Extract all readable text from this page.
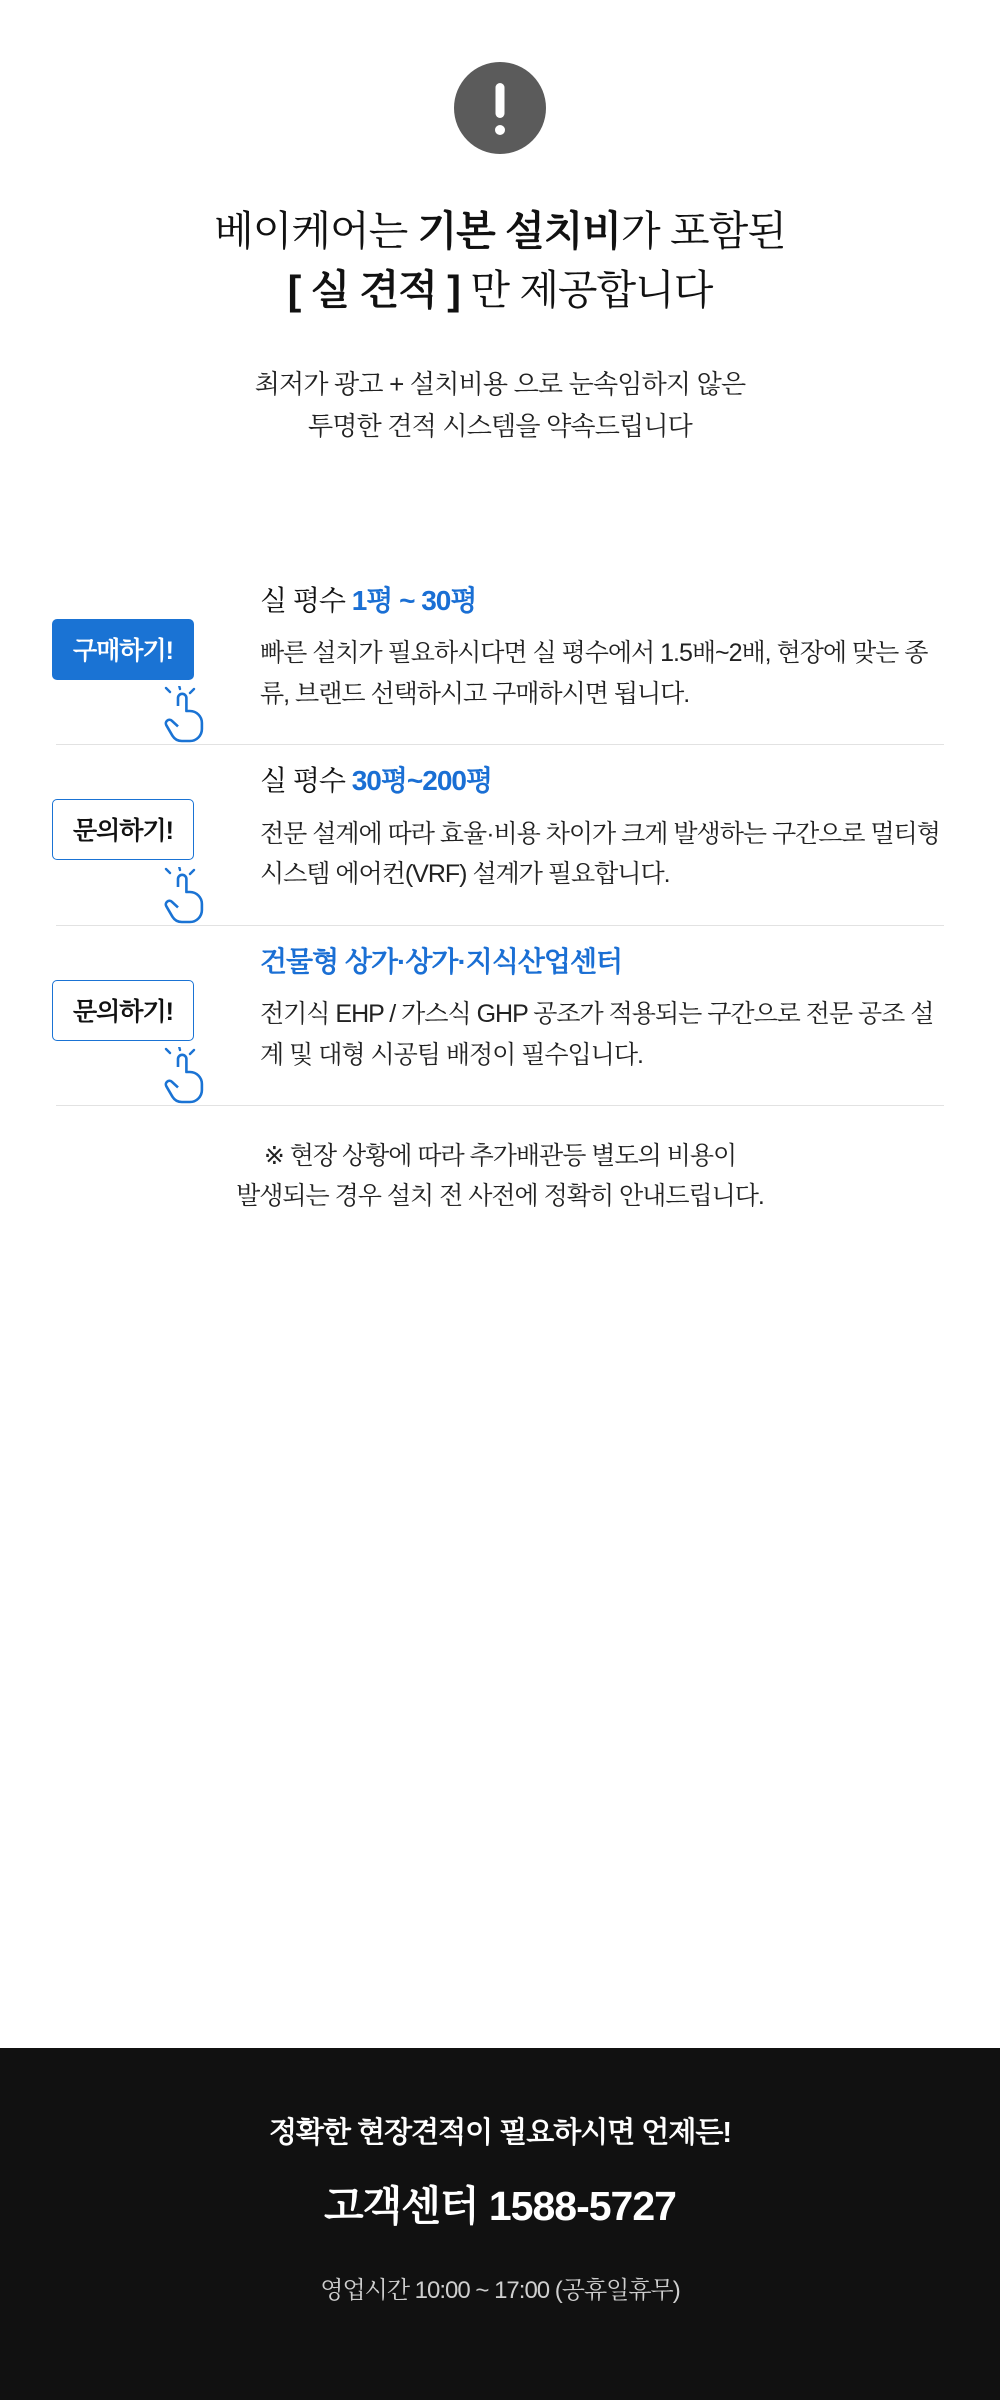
베이케어는 기본 설치비가 포함된
[ 실 견적 ] 만 제공합니다

최저가 광고 + 설치비용 으로 눈속임하지 않은
투명한 견적 시스템을 약속드립니다

구매하기!
실 평수 1평 ~ 30평
빠른 설치가 필요하시다면 실 평수에서 1.5배~2배, 현장에 맞는 종류, 브랜드 선택하시고 구매하시면 됩니다.
문의하기!
실 평수 30평~200평
전문 설계에 따라 효율·비용 차이가 크게 발생하는 구간으로 멀티형 시스템 에어컨(VRF) 설계가 필요합니다.
문의하기!
건물형 상가·상가·지식산업센터
전기식 EHP / 가스식 GHP 공조가 적용되는 구간으로 전문 공조 설계 및 대형 시공팀 배정이 필수입니다.

※ 현장 상황에 따라 추가배관등 별도의 비용이
발생되는 경우 설치 전 사전에 정확히 안내드립니다.

정확한 현장견적이 필요하시면 언제든!
고객센터 1588-5727
영업시간 10:00 ~ 17:00 (공휴일휴무)
